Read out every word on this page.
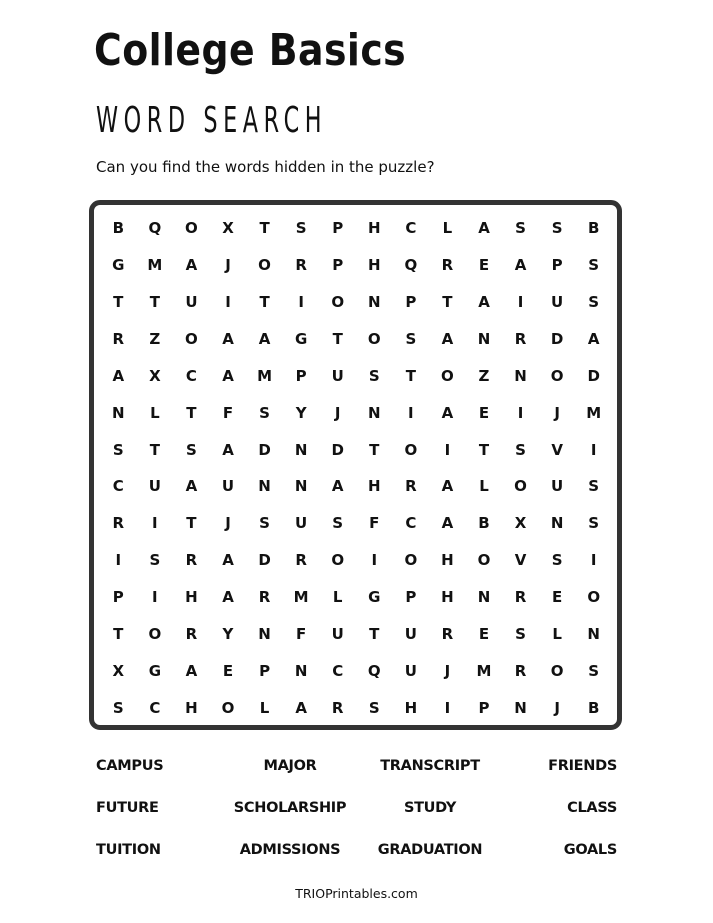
College Basics
WORD SEARCH
Can you find the words hidden in the puzzle?
B	Q	O	X	T	S	P	H	C	L	A	S	S	B
G	M	A	J	O	R	P	H	Q	R	E	A	P	S
T	T	U	I	T	I	O	N	P	T	A	I	U	S
R	Z	O	A	A	G	T	O	S	A	N	R	D	A
A	X	C	A	M	P	U	S	T	O	Z	N	O	D
N	L	T	F	S	Y	J	N	I	A	E	I	J	M
S	T	S	A	D	N	D	T	O	I	T	S	V	I
C	U	A	U	N	N	A	H	R	A	L	O	U	S
R	I	T	J	S	U	S	F	C	A	B	X	N	S
I	S	R	A	D	R	O	I	O	H	O	V	S	I
P	I	H	A	R	M	L	G	P	H	N	R	E	O
T	O	R	Y	N	F	U	T	U	R	E	S	L	N
X	G	A	E	P	N	C	Q	U	J	M	R	O	S
S	C	H	O	L	A	R	S	H	I	P	N	J	B
CAMPUS	MAJOR	TRANSCRIPT	FRIENDS
FUTURE	SCHOLARSHIP	STUDY	CLASS
TUITION	ADMISSIONS	GRADUATION	GOALS
TRIOPrintables.com
